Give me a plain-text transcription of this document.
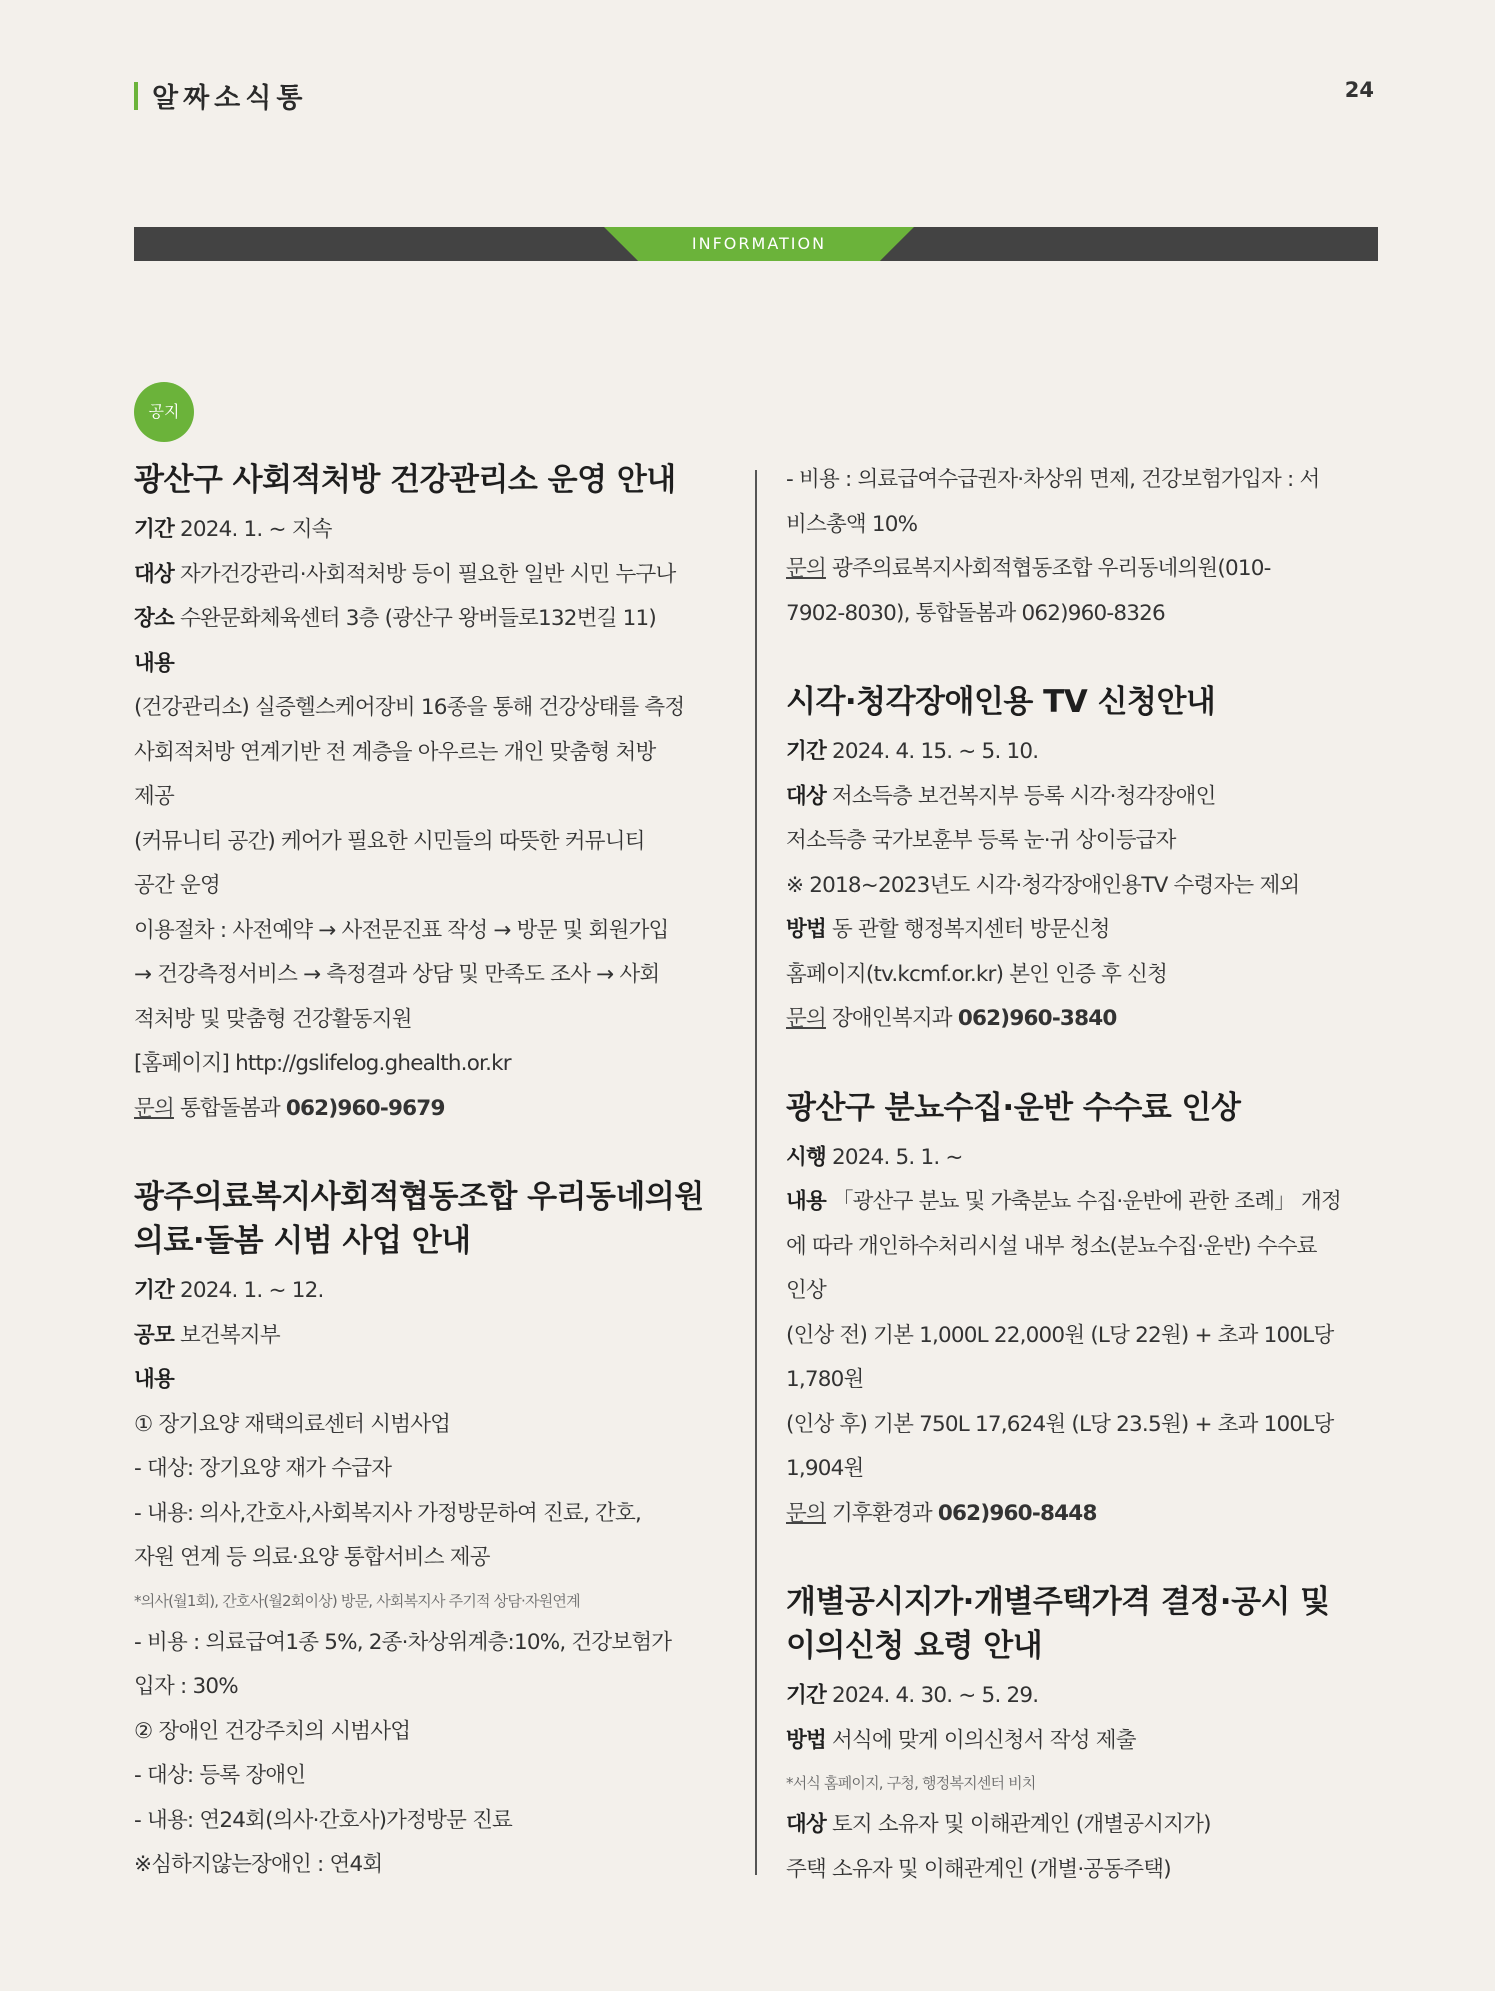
알짜소식통	24
INFORMATION
공지
광산구 사회적처방 건강관리소 운영 안내
기간 2024. 1. ~ 지속
대상 자가건강관리·사회적처방 등이 필요한 일반 시민 누구나
장소 수완문화체육센터 3층 (광산구 왕버들로132번길 11)
내용
(건강관리소) 실증헬스케어장비 16종을 통해 건강상태를 측정
사회적처방 연계기반 전 계층을 아우르는 개인 맞춤형 처방
제공
(커뮤니티 공간) 케어가 필요한 시민들의 따뜻한 커뮤니티
공간 운영
이용절차 : 사전예약 → 사전문진표 작성 → 방문 및 회원가입
→ 건강측정서비스 → 측정결과 상담 및 만족도 조사 → 사회
적처방 및 맞춤형 건강활동지원
[홈페이지] http://gslifelog.ghealth.or.kr
문의 통합돌봄과 062)960-9679
광주의료복지사회적협동조합 우리동네의원
의료·돌봄 시범 사업 안내
기간 2024. 1. ~ 12.
공모 보건복지부
내용
① 장기요양 재택의료센터 시범사업
- 대상: 장기요양 재가 수급자
- 내용: 의사,간호사,사회복지사 가정방문하여 진료, 간호,
자원 연계 등 의료·요양 통합서비스 제공
*의사(월1회), 간호사(월2회이상) 방문, 사회복지사 주기적 상담·자원연계
- 비용 : 의료급여1종 5%, 2종·차상위계층:10%, 건강보험가
입자 : 30%
② 장애인 건강주치의 시범사업
- 대상: 등록 장애인
- 내용: 연24회(의사·간호사)가정방문 진료
※심하지않는장애인 : 연4회
- 비용 : 의료급여수급권자·차상위 면제, 건강보험가입자 : 서
비스총액 10%
문의 광주의료복지사회적협동조합 우리동네의원(010-
7902-8030), 통합돌봄과 062)960-8326
시각·청각장애인용 TV 신청안내
기간 2024. 4. 15. ~ 5. 10.
대상 저소득층 보건복지부 등록 시각·청각장애인
저소득층 국가보훈부 등록 눈·귀 상이등급자
※ 2018~2023년도 시각·청각장애인용TV 수령자는 제외
방법 동 관할 행정복지센터 방문신청
홈페이지(tv.kcmf.or.kr) 본인 인증 후 신청
문의 장애인복지과 062)960-3840
광산구 분뇨수집·운반 수수료 인상
시행 2024. 5. 1. ~
내용 「광산구 분뇨 및 가축분뇨 수집·운반에 관한 조례」 개정
에 따라 개인하수처리시설 내부 청소(분뇨수집·운반) 수수료
인상
(인상 전) 기본 1,000L 22,000원 (L당 22원) + 초과 100L당
1,780원
(인상 후) 기본 750L 17,624원 (L당 23.5원) + 초과 100L당
1,904원
문의 기후환경과 062)960-8448
개별공시지가·개별주택가격 결정·공시 및
이의신청 요령 안내
기간 2024. 4. 30. ~ 5. 29.
방법 서식에 맞게 이의신청서 작성 제출
*서식 홈페이지, 구청, 행정복지센터 비치
대상 토지 소유자 및 이해관계인 (개별공시지가)
주택 소유자 및 이해관계인 (개별·공동주택)
